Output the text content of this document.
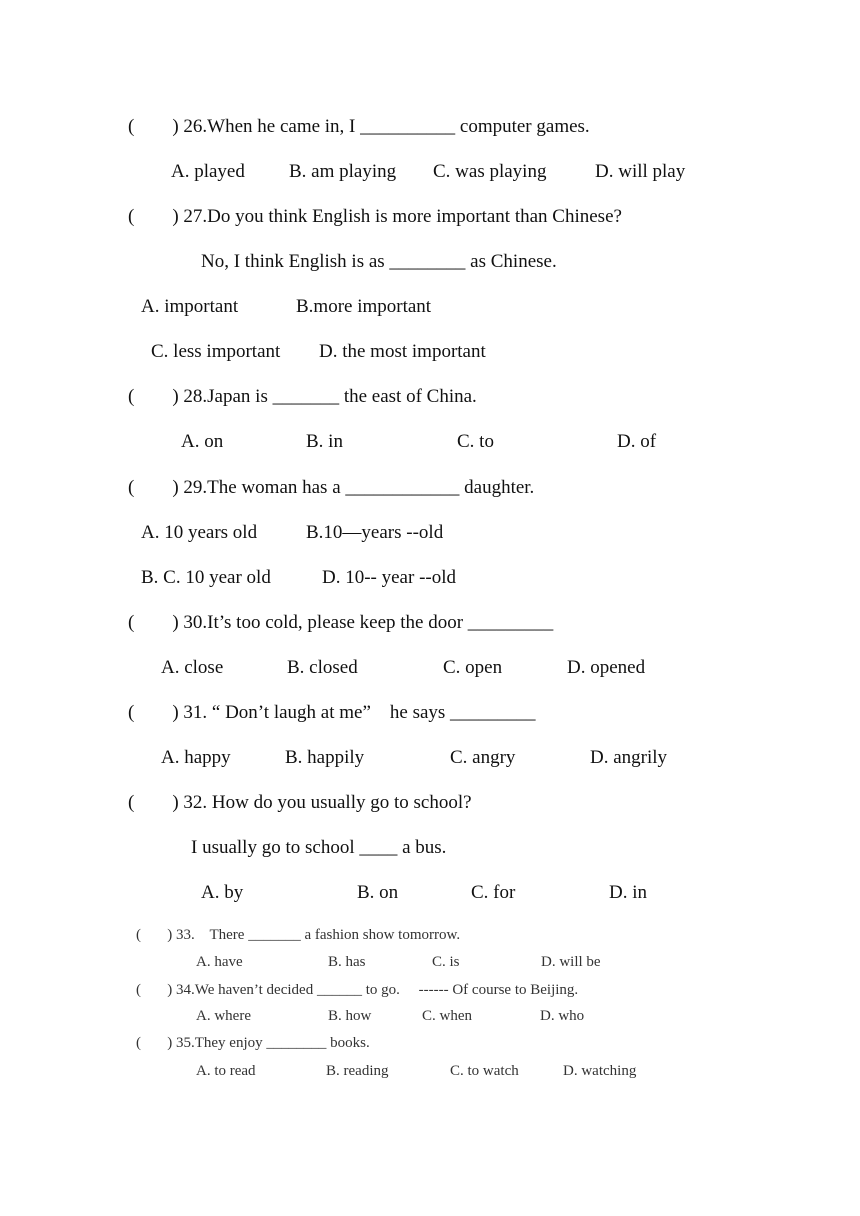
(        ) 26.When he came in, I __________ computer games.
A. played B. am playing C. was playing	D. will play
(        ) 27.Do you think English is more important than Chinese?
No, I think English is as ________ as Chinese.
A. important	B.more important
C. less important D. the most important
(        ) 28.Japan is _______ the east of China.
A. on	B. in	C. to	D. of
(        ) 29.The woman has a ____________ daughter.
A. 10 years old	B.10—years --old
B. C. 10 year old	D. 10-- year --old
(        ) 30.It’s too cold, please keep the door _________
A. close	B. closed	C. open	D. opened
(        ) 31. “ Don’t laugh at me”    he says _________
A. happy	B. happily	C. angry	D. angrily
(        ) 32. How do you usually go to school?
I usually go to school ____ a bus.
A. by	B. on	C. for	D. in
(       ) 33.    There _______ a fashion show tomorrow.
A. have	B. has	C. is	D. will be
(       ) 34.We haven’t decided ______ to go.     ------ Of course to Beijing.
A. where	B. how	C. when	D. who
(       ) 35.They enjoy ________ books.
A. to read	B. reading	C. to watch	D. watching
